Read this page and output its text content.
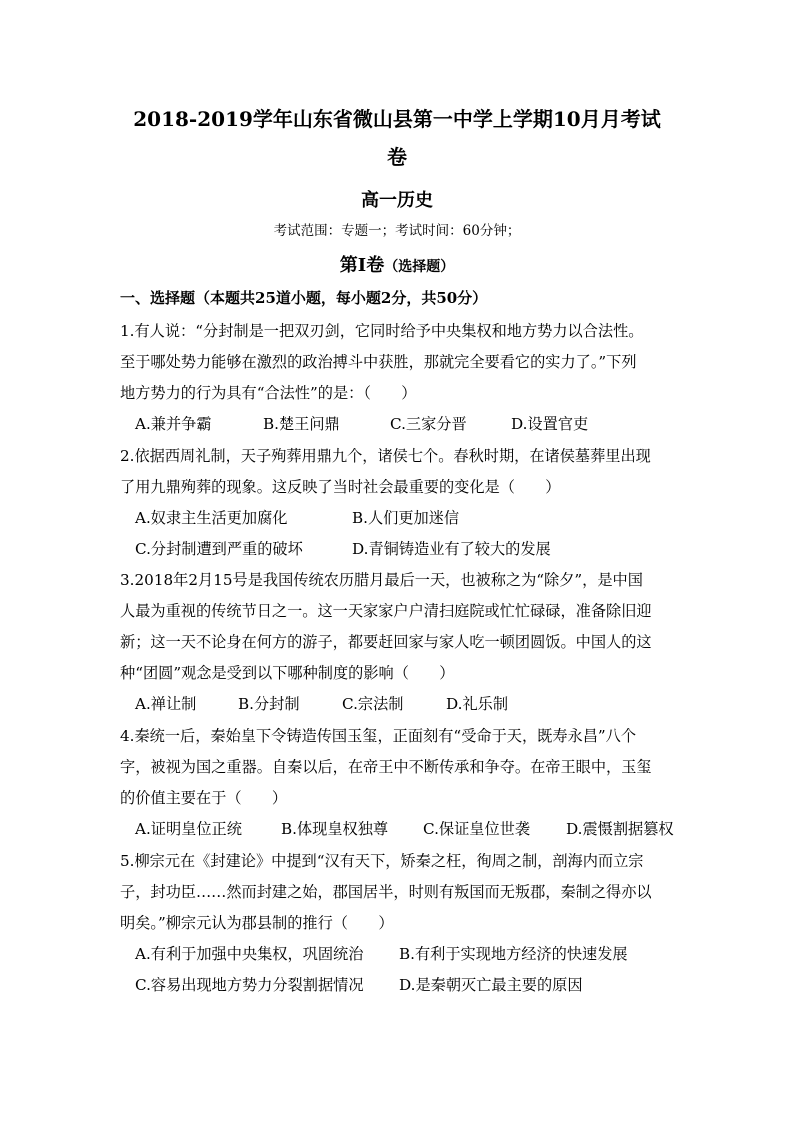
2018-2019学年山东省微山县第一中学上学期10月月考试
卷
高一历史
考试范围：专题一；考试时间：60分钟；
第I卷（选择题）
一、选择题（本题共25道小题，每小题2分，共50分）
1.有人说：“分封制是一把双刃剑，它同时给予中央集权和地方势力以合法性。
至于哪处势力能够在激烈的政治搏斗中获胜，那就完全要看它的实力了。”下列
地方势力的行为具有“合法性”的是：（　　）
A.兼并争霸	B.楚王问鼎	C.三家分晋	D.设置官吏
2.依据西周礼制，天子殉葬用鼎九个，诸侯七个。春秋时期，在诸侯墓葬里出现
了用九鼎殉葬的现象。这反映了当时社会最重要的变化是（　　）
A.奴隶主生活更加腐化	B.人们更加迷信
C.分封制遭到严重的破坏	D.青铜铸造业有了较大的发展
3.2018年2月15号是我国传统农历腊月最后一天，也被称之为“除夕”，是中国
人最为重视的传统节日之一。这一天家家户户清扫庭院或忙忙碌碌，准备除旧迎
新；这一天不论身在何方的游子，都要赶回家与家人吃一顿团圆饭。中国人的这
种“团圆”观念是受到以下哪种制度的影响（　　）
A.禅让制	B.分封制	C.宗法制	D.礼乐制
4.秦统一后，秦始皇下令铸造传国玉玺，正面刻有“受命于天，既寿永昌”八个
字，被视为国之重器。自秦以后，在帝王中不断传承和争夺。在帝王眼中，玉玺
的价值主要在于（　　）
A.证明皇位正统	B.体现皇权独尊 C.保证皇位世袭 D.震慑割据篡权
5.柳宗元在《封建论》中提到“汉有天下，矫秦之枉，徇周之制，剖海内而立宗
子，封功臣……然而封建之始，郡国居半，时则有叛国而无叛郡，秦制之得亦以
明矣。”柳宗元认为郡县制的推行（　　）
A.有利于加强中央集权，巩固统治 B.有利于实现地方经济的快速发展
C.容易出现地方势力分裂割据情况 D.是秦朝灭亡最主要的原因
